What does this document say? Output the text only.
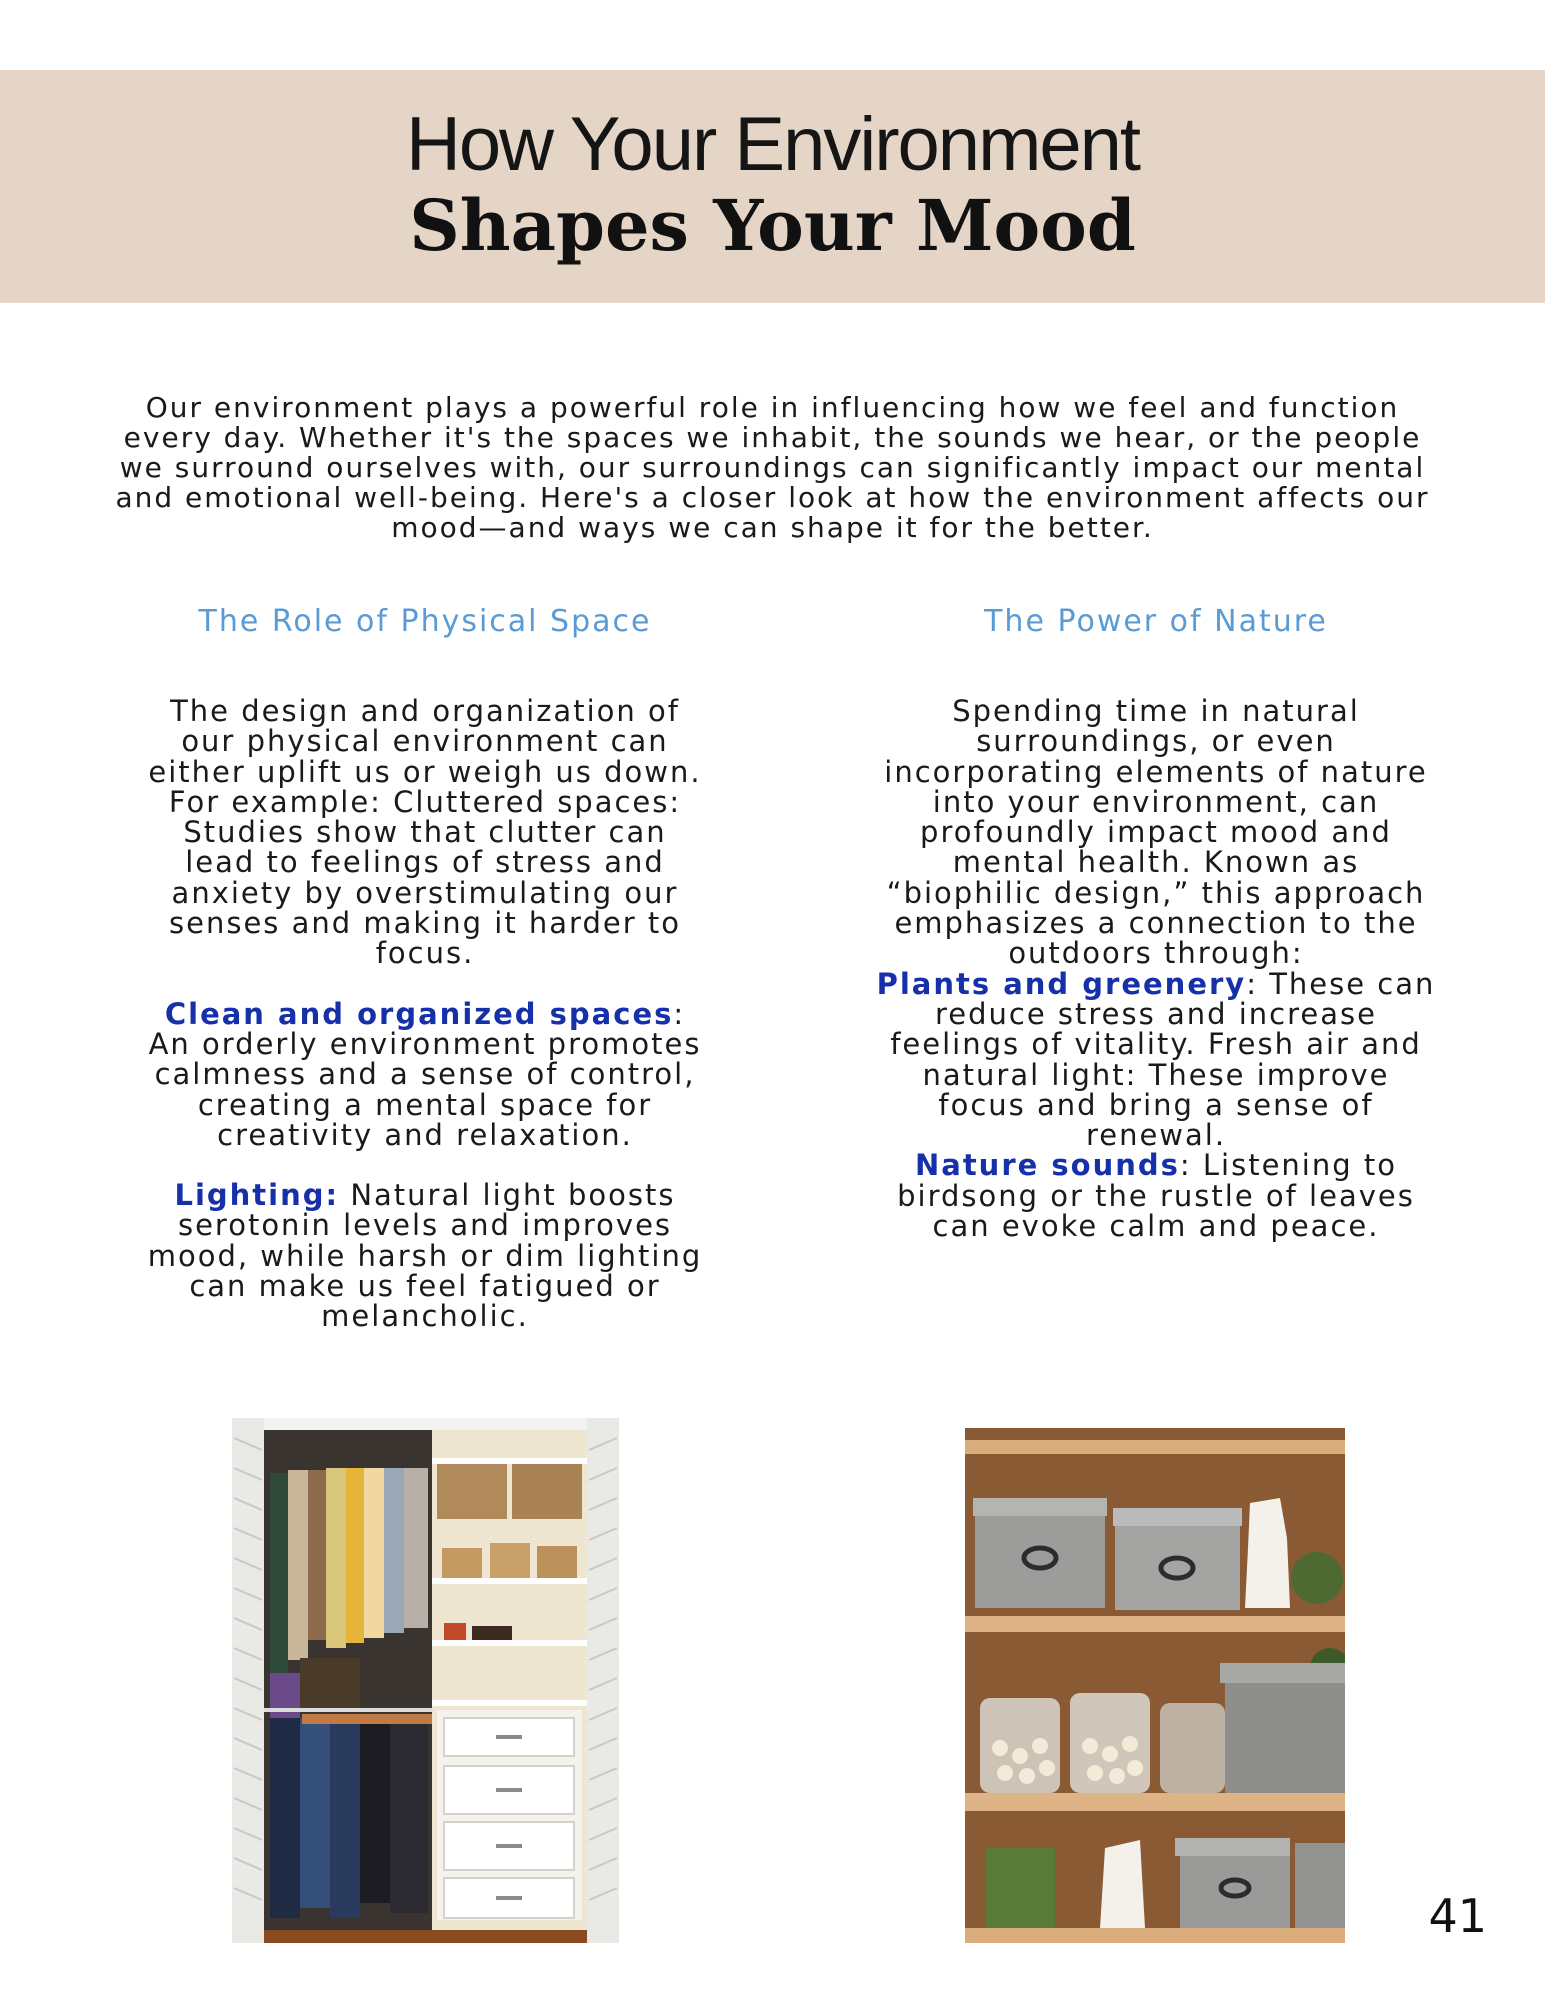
How Your Environment
Shapes Your Mood

Our environment plays a powerful role in influencing how we feel and function every day. Whether it's the spaces we inhabit, the sounds we hear, or the people we surround ourselves with, our surroundings can significantly impact our mental and emotional well-being. Here's a closer look at how the environment affects our mood—and ways we can shape it for the better.

The Role of Physical Space

The design and organization of our physical environment can either uplift us or weigh us down. For example: Cluttered spaces: Studies show that clutter can lead to feelings of stress and anxiety by overstimulating our senses and making it harder to focus.

Clean and organized spaces: An orderly environment promotes calmness and a sense of control, creating a mental space for creativity and relaxation.

Lighting: Natural light boosts serotonin levels and improves mood, while harsh or dim lighting can make us feel fatigued or melancholic.

The Power of Nature

Spending time in natural surroundings, or even incorporating elements of nature into your environment, can profoundly impact mood and mental health. Known as “biophilic design,” this approach emphasizes a connection to the outdoors through:

Plants and greenery: These can reduce stress and increase feelings of vitality. Fresh air and natural light: These improve focus and bring a sense of renewal.

Nature sounds: Listening to birdsong or the rustle of leaves can evoke calm and peace.

41
